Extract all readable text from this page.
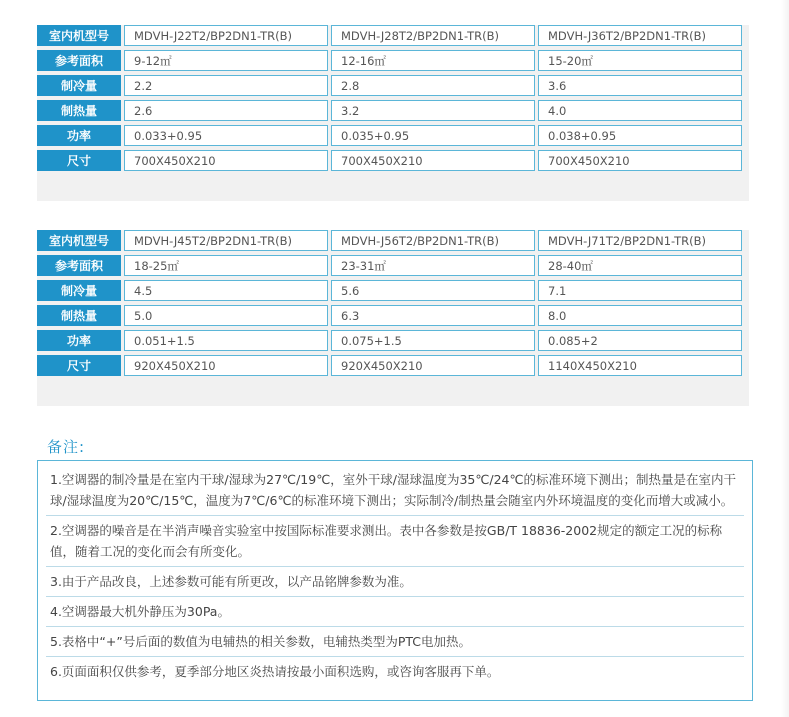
室内机型号	MDVH-J22T2/BP2DN1-TR(B)	MDVH-J28T2/BP2DN1-TR(B)	MDVH-J36T2/BP2DN1-TR(B)
参考面积	9-12㎡	12-16㎡	15-20㎡
制冷量	2.2	2.8	3.6
制热量	2.6	3.2	4.0
功率	0.033+0.95	0.035+0.95	0.038+0.95
尺寸	700X450X210	700X450X210	700X450X210
室内机型号	MDVH-J45T2/BP2DN1-TR(B)	MDVH-J56T2/BP2DN1-TR(B)	MDVH-J71T2/BP2DN1-TR(B)
参考面积	18-25㎡	23-31㎡	28-40㎡
制冷量	4.5	5.6	7.1
制热量	5.0	6.3	8.0
功率	0.051+1.5	0.075+1.5	0.085+2
尺寸	920X450X210	920X450X210	1140X450X210
备注:
1.空调器的制冷量是在室内干球/湿球为27℃/19℃，室外干球/湿球温度为35℃/24℃的标准环境下测出；制热量是在室内干球/湿球温度为20℃/15℃，温度为7℃/6℃的标准环境下测出；实际制冷/制热量会随室内外环境温度的变化而增大或减小。
2.空调器的噪音是在半消声噪音实验室中按国际标准要求测出。表中各参数是按GB/T 18836-2002规定的额定工况的标称值，随着工况的变化而会有所变化。
3.由于产品改良，上述参数可能有所更改，以产品铭牌参数为准。
4.空调器最大机外静压为30Pa。
5.表格中“+”号后面的数值为电辅热的相关参数，电辅热类型为PTC电加热。
6.页面面积仅供参考，夏季部分地区炎热请按最小面积选购，或咨询客服再下单。
